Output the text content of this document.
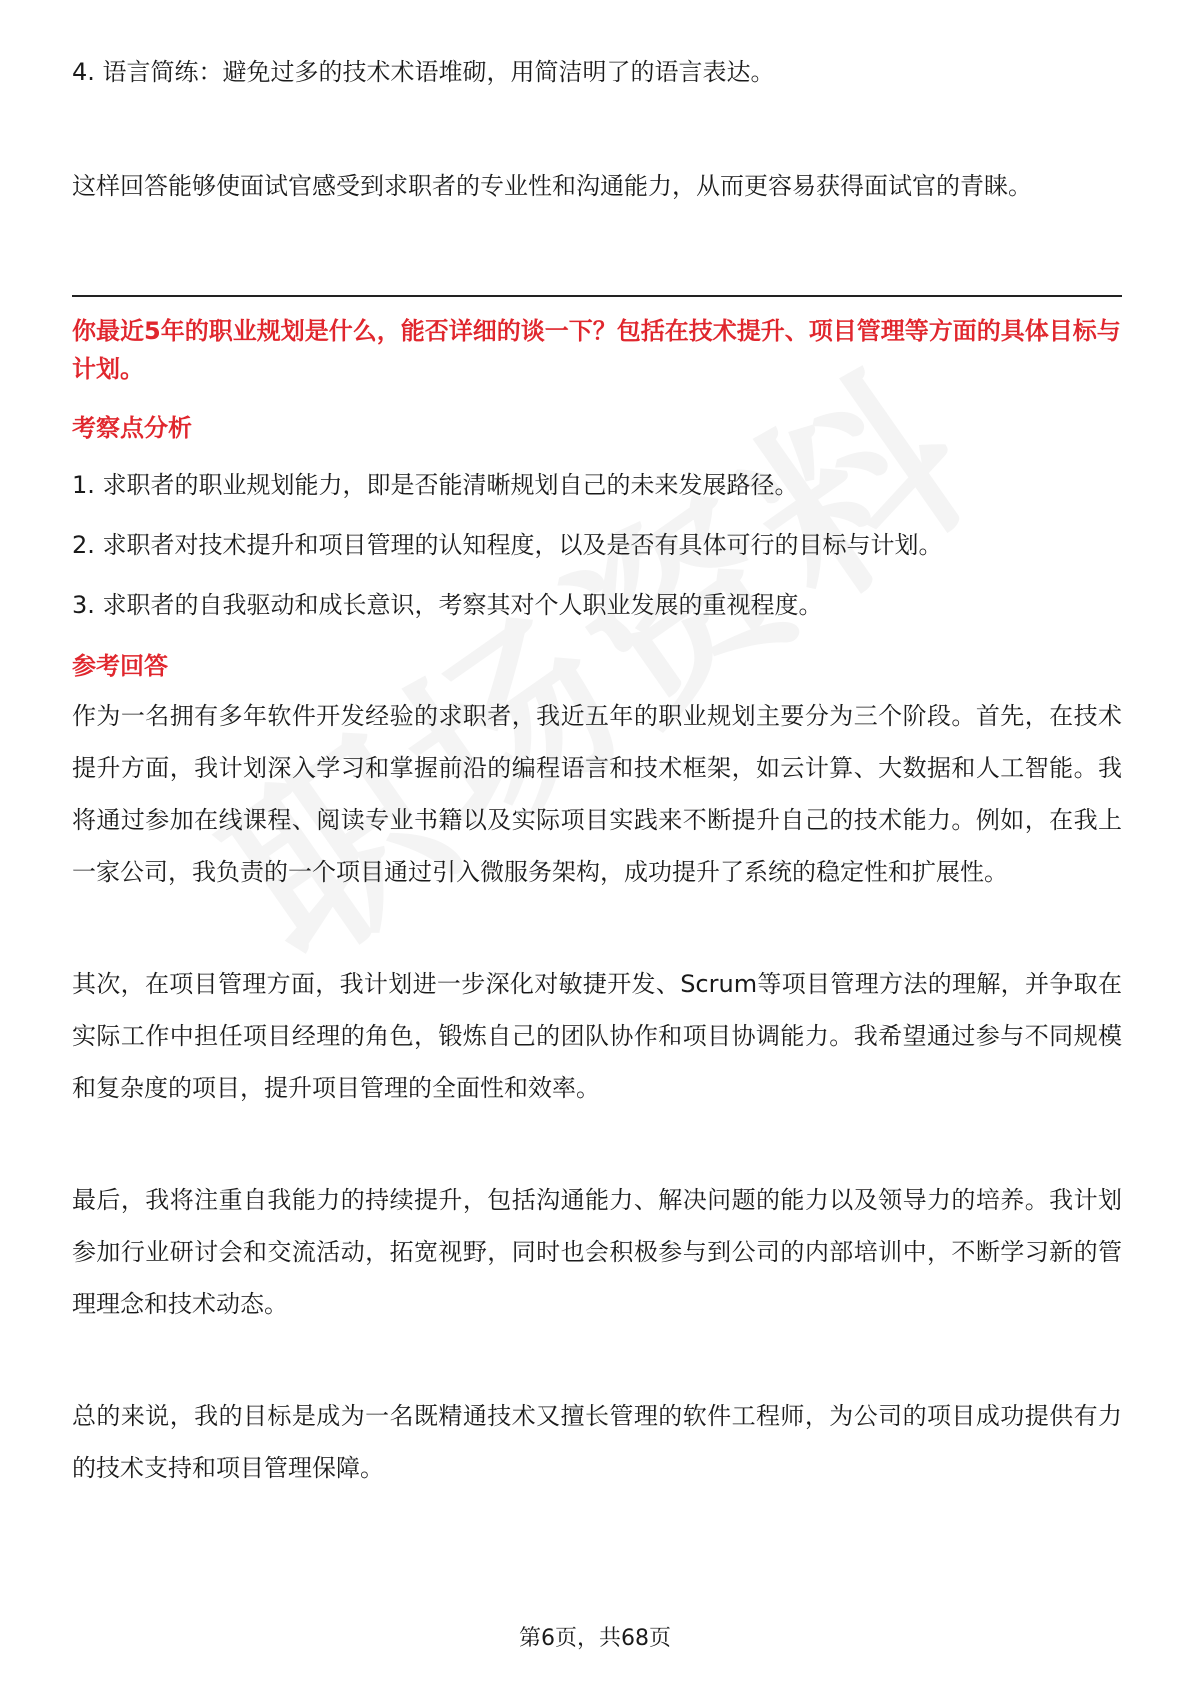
4. 语言简练：避免过多的技术术语堆砌，用简洁明了的语言表达。

这样回答能够使面试官感受到求职者的专业性和沟通能力，从而更容易获得面试官的青睐。

你最近5年的职业规划是什么，能否详细的谈一下？包括在技术提升、项目管理等方面的具体目标与计划。
考察点分析

1. 求职者的职业规划能力，即是否能清晰规划自己的未来发展路径。

2. 求职者对技术提升和项目管理的认知程度，以及是否有具体可行的目标与计划。

3. 求职者的自我驱动和成长意识，考察其对个人职业发展的重视程度。

参考回答

作为一名拥有多年软件开发经验的求职者，我近五年的职业规划主要分为三个阶段。首先，在技术提升方面，我计划深入学习和掌握前沿的编程语言和技术框架，如云计算、大数据和人工智能。我将通过参加在线课程、阅读专业书籍以及实际项目实践来不断提升自己的技术能力。例如，在我上一家公司，我负责的一个项目通过引入微服务架构，成功提升了系统的稳定性和扩展性。

其次，在项目管理方面，我计划进一步深化对敏捷开发、Scrum等项目管理方法的理解，并争取在实际工作中担任项目经理的角色，锻炼自己的团队协作和项目协调能力。我希望通过参与不同规模和复杂度的项目，提升项目管理的全面性和效率。

最后，我将注重自我能力的持续提升，包括沟通能力、解决问题的能力以及领导力的培养。我计划参加行业研讨会和交流活动，拓宽视野，同时也会积极参与到公司的内部培训中，不断学习新的管理理念和技术动态。

总的来说，我的目标是成为一名既精通技术又擅长管理的软件工程师，为公司的项目成功提供有力的技术支持和项目管理保障。

第6页，共68页
